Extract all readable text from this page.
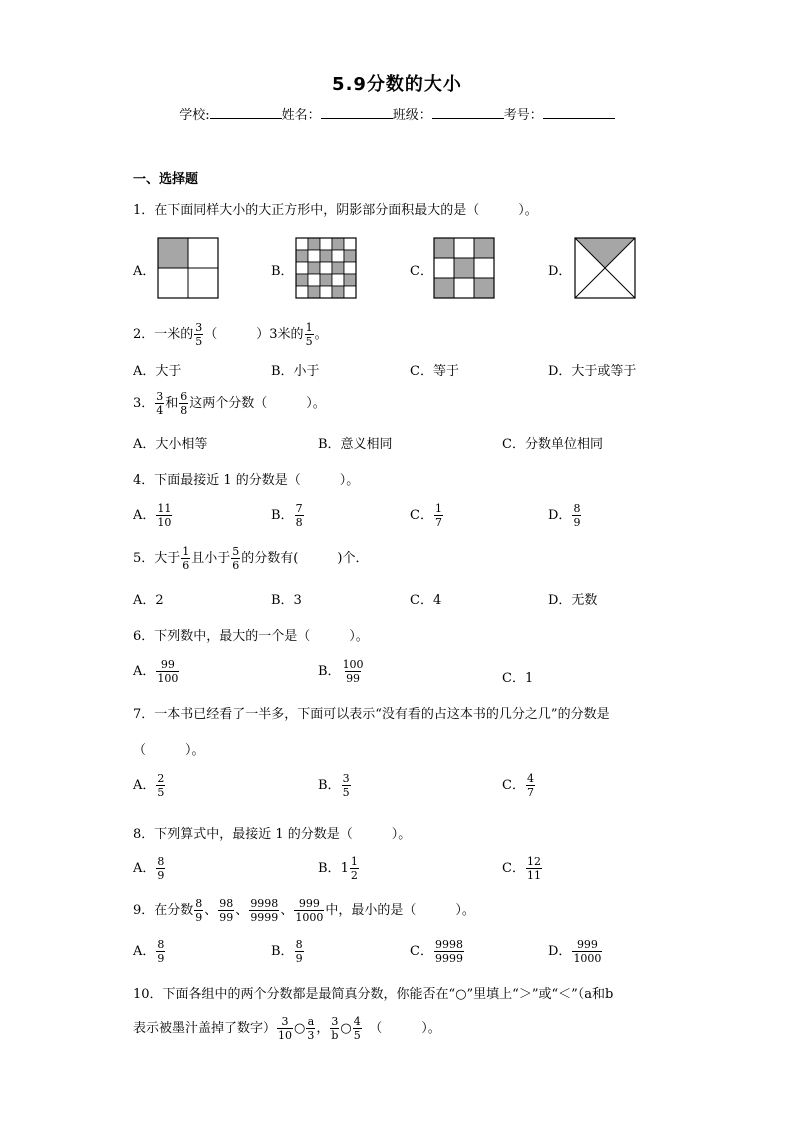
5.9分数的大小
学校:	姓名：	班级：	考号：
一、选择题
1．在下面同样大小的大正方形中，阴影部分面积最大的是（　　　）。
A．	B．	C．	D．
2．一米的 $\frac{3}{5}$ （　　　）3米的 $\frac{1}{5}$ 。
A．大于	B．小于	C．等于	D．大于或等于
3． $\frac{3}{4}$ 和 $\frac{6}{8}$ 这两个分数（　　　）。
A．大小相等	B．意义相同	C．分数单位相同
4．下面最接近 1 的分数是（　　　）。
A． $\frac{11}{10}$	B． $\frac{7}{8}$	C． $\frac{1}{7}$	D． $\frac{8}{9}$
5．大于 $\frac{1}{6}$ 且小于 $\frac{5}{6}$ 的分数有(　　　)个．
A．2	B．3	C．4	D．无数
6．下列数中，最大的一个是（　　　）。
A． $\frac{99}{100}$	B． $\frac{100}{99}$	C．1
7．一本书已经看了一半多，下面可以表示“没有看的占这本书的几分之几”的分数是
（　　　）。
A． $\frac{2}{5}$	B． $\frac{3}{5}$	C． $\frac{4}{7}$
8．下列算式中，最接近 1 的分数是（　　　）。
A． $\frac{8}{9}$	B．$1 \frac{1}{2}$	C． $\frac{12}{11}$
9．在分数 $\frac{8}{9}$ 、 $\frac{98}{99}$ 、 $\frac{9998}{9999}$ 、 $\frac{999}{1000}$ 中，最小的是（　　　）。
A． $\frac{8}{9}$	B． $\frac{8}{9}$	C． $\frac{9998}{9999}$	D． $\frac{999}{1000}$
10．下面各组中的两个分数都是最简真分数，你能否在“○”里填上“＞”或“＜”（a和b
表示被墨汁盖掉了数字） $\frac{3}{10}$ ○ $\frac{a}{3}$ ， $\frac{3}{b}$ ○ $\frac{4}{5}$ 　（　　　）。
